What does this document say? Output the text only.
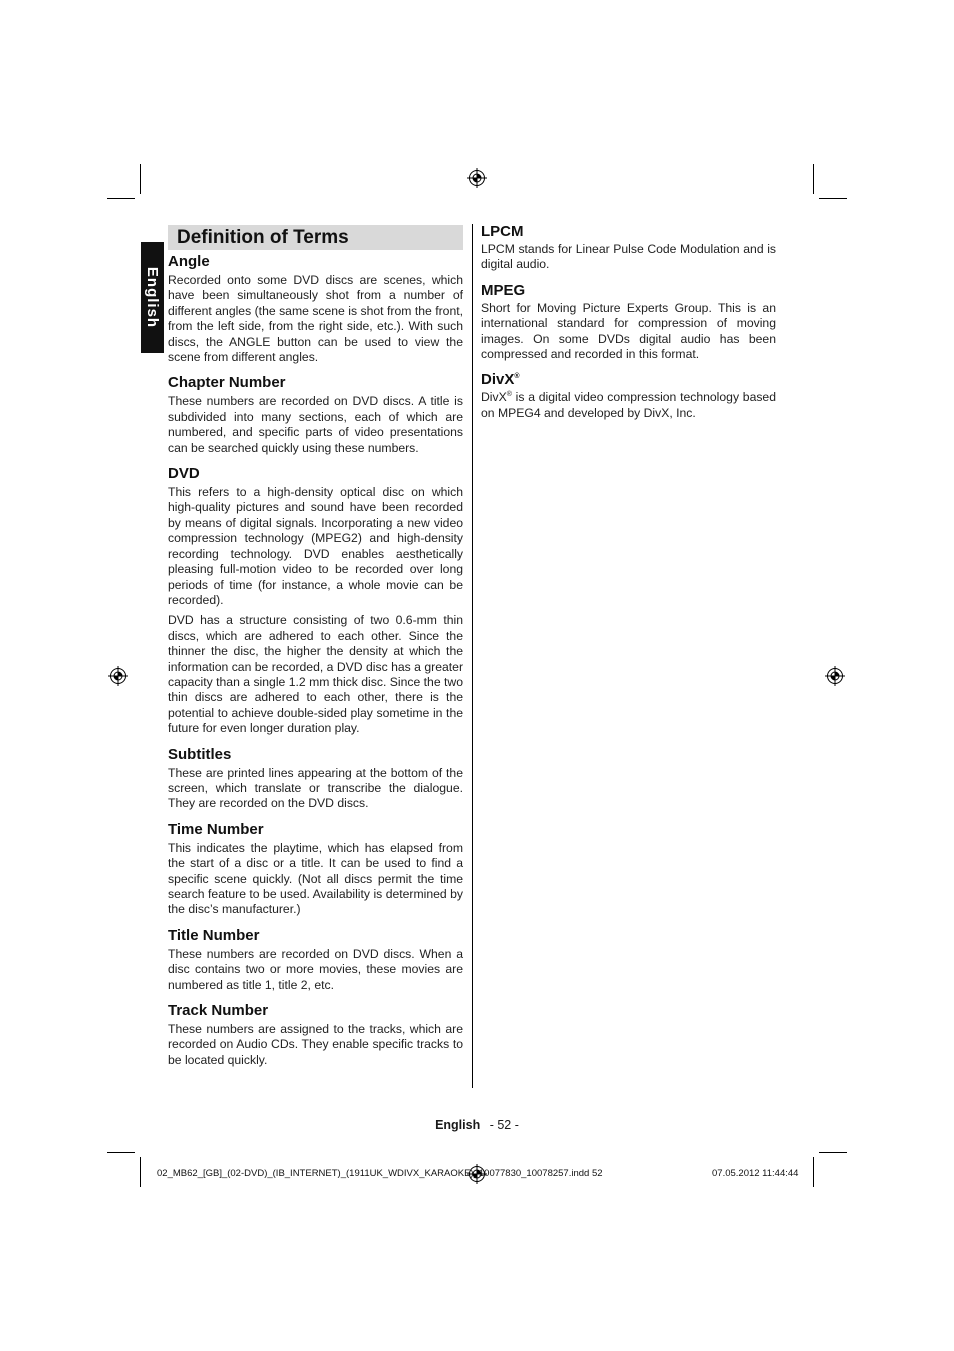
English
Definition of Terms
Angle

Recorded onto some DVD discs are scenes, which have been simultaneously shot from a number of different angles (the same scene is shot from the front, from the left side, from the right side, etc.). With such discs, the ANGLE button can be used to view the scene from different angles.

Chapter Number

These numbers are recorded on DVD discs. A title is subdivided into many sections, each of which are numbered, and specific parts of video presentations can be searched quickly using these numbers.

DVD

This refers to a high-density optical disc on which high-quality pictures and sound have been recorded by means of digital signals. Incorporating a new video compression technology (MPEG2) and high-density recording technology. DVD enables aesthetically pleasing full-motion video to be recorded over long periods of time (for instance, a whole movie can be recorded).

DVD has a structure consisting of two 0.6-mm thin discs, which are adhered to each other. Since the thinner the disc, the higher the density at which the information can be recorded, a DVD disc has a greater capacity than a single 1.2 mm thick disc. Since the two thin discs are adhered to each other, there is the potential to achieve double-sided play sometime in the future for even longer duration play.

Subtitles

These are printed lines appearing at the bottom of the screen, which translate or transcribe the dialogue. They are recorded on the DVD discs.

Time Number

This indicates the playtime, which has elapsed from the start of a disc or a title. It can be used to find a specific scene quickly. (Not all discs permit the time search feature to be used. Availability is determined by the disc’s manufacturer.)

Title Number

These numbers are recorded on DVD discs. When a disc contains two or more movies, these movies are numbered as title 1, title 2, etc.

Track Number

These numbers are assigned to the tracks, which are recorded on Audio CDs. They enable specific tracks to be located quickly.

LPCM

LPCM stands for Linear Pulse Code Modulation and is digital audio.

MPEG

Short for Moving Picture Experts Group. This is an international standard for compression of moving images. On some DVDs digital audio has been compressed and recorded in this format.

DivX®

DivX® is a digital video compression technology based on MPEG4 and developed by DivX, Inc.

English - 52 -
02_MB62_[GB]_(02-DVD)_(IB_INTERNET)_(1911UK_WDIVX_KARAOKE)_10077830_10078257.indd 52	07.05.2012 11:44:44
